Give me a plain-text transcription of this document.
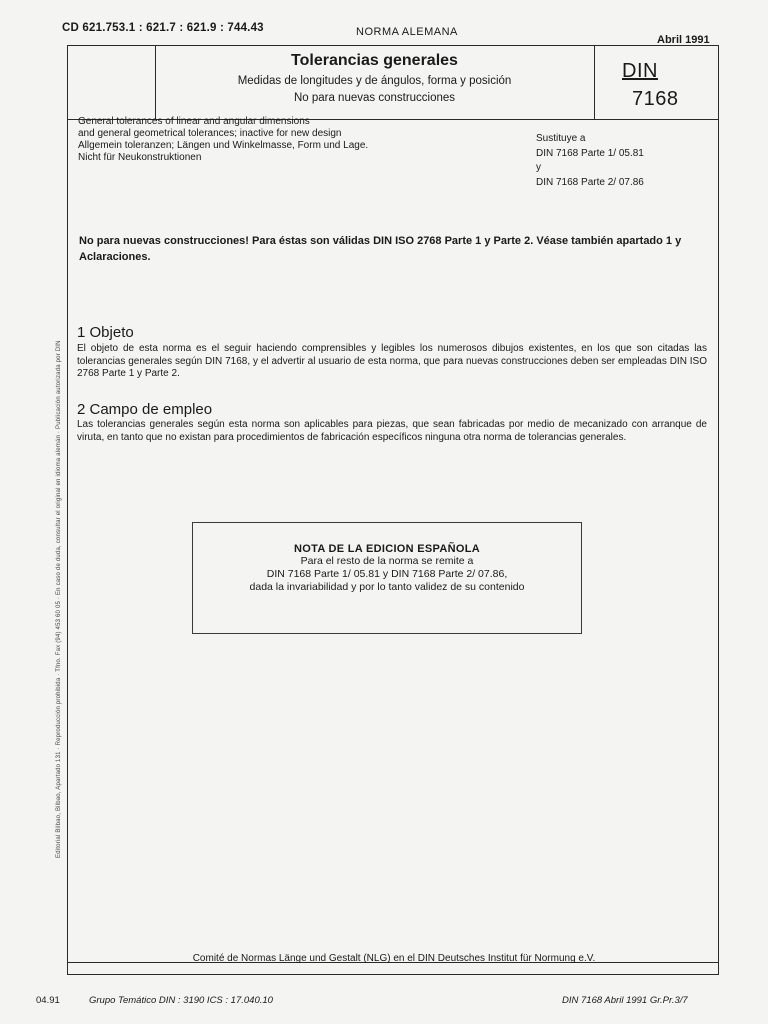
CD 621.753.1 : 621.7 : 621.9 : 744.43	NORMA ALEMANA
Abril 1991
Tolerancias generales
Medidas de longitudes y de ángulos, forma y posición
No para nuevas construcciones
DIN
7168
General tolerances of linear and angular dimensions
and general geometrical tolerances; inactive for new design
Allgemein toleranzen; Längen und Winkelmasse, Form und Lage.
Nicht für Neukonstruktionen
Sustituye a
DIN 7168 Parte 1/ 05.81
y
DIN 7168 Parte 2/ 07.86
No para nuevas construcciones! Para éstas son válidas DIN ISO 2768 Parte 1 y Parte 2. Véase también apartado 1 y Aclaraciones.
1 Objeto
El objeto de esta norma es el seguir haciendo comprensibles y legibles los numerosos dibujos existentes, en los que son citadas las tolerancias generales según DIN 7168, y el advertir al usuario de esta norma, que para nuevas construcciones deben ser empleadas DIN ISO 2768 Parte 1 y Parte 2.
2 Campo de empleo
Las tolerancias generales según esta norma son aplicables para piezas, que sean fabricadas por medio de mecanizado con arranque de viruta, en tanto que no existan para procedimientos de fabricación específicos ninguna otra norma de tolerancias generales.
NOTA DE LA EDICION ESPAÑOLA
Para el resto de la norma se remite a
DIN 7168 Parte 1/ 05.81 y DIN 7168 Parte 2/ 07.86,
dada la invariabilidad y por lo tanto validez de su contenido
Comité de Normas Länge und Gestalt (NLG) en el DIN Deutsches Institut für Normung e.V.
04.91	Grupo Temático DIN : 3190 ICS : 17.040.10	DIN 7168 Abril 1991 Gr.Pr.3/7
Editorial Bilbao, Bilbao, Apartado 131 · Reproducción prohibida · Tfno. Fax (94) 453 60 05 · En caso de duda, consultar el original en idioma alemán · Publicación autorizada por DIN
